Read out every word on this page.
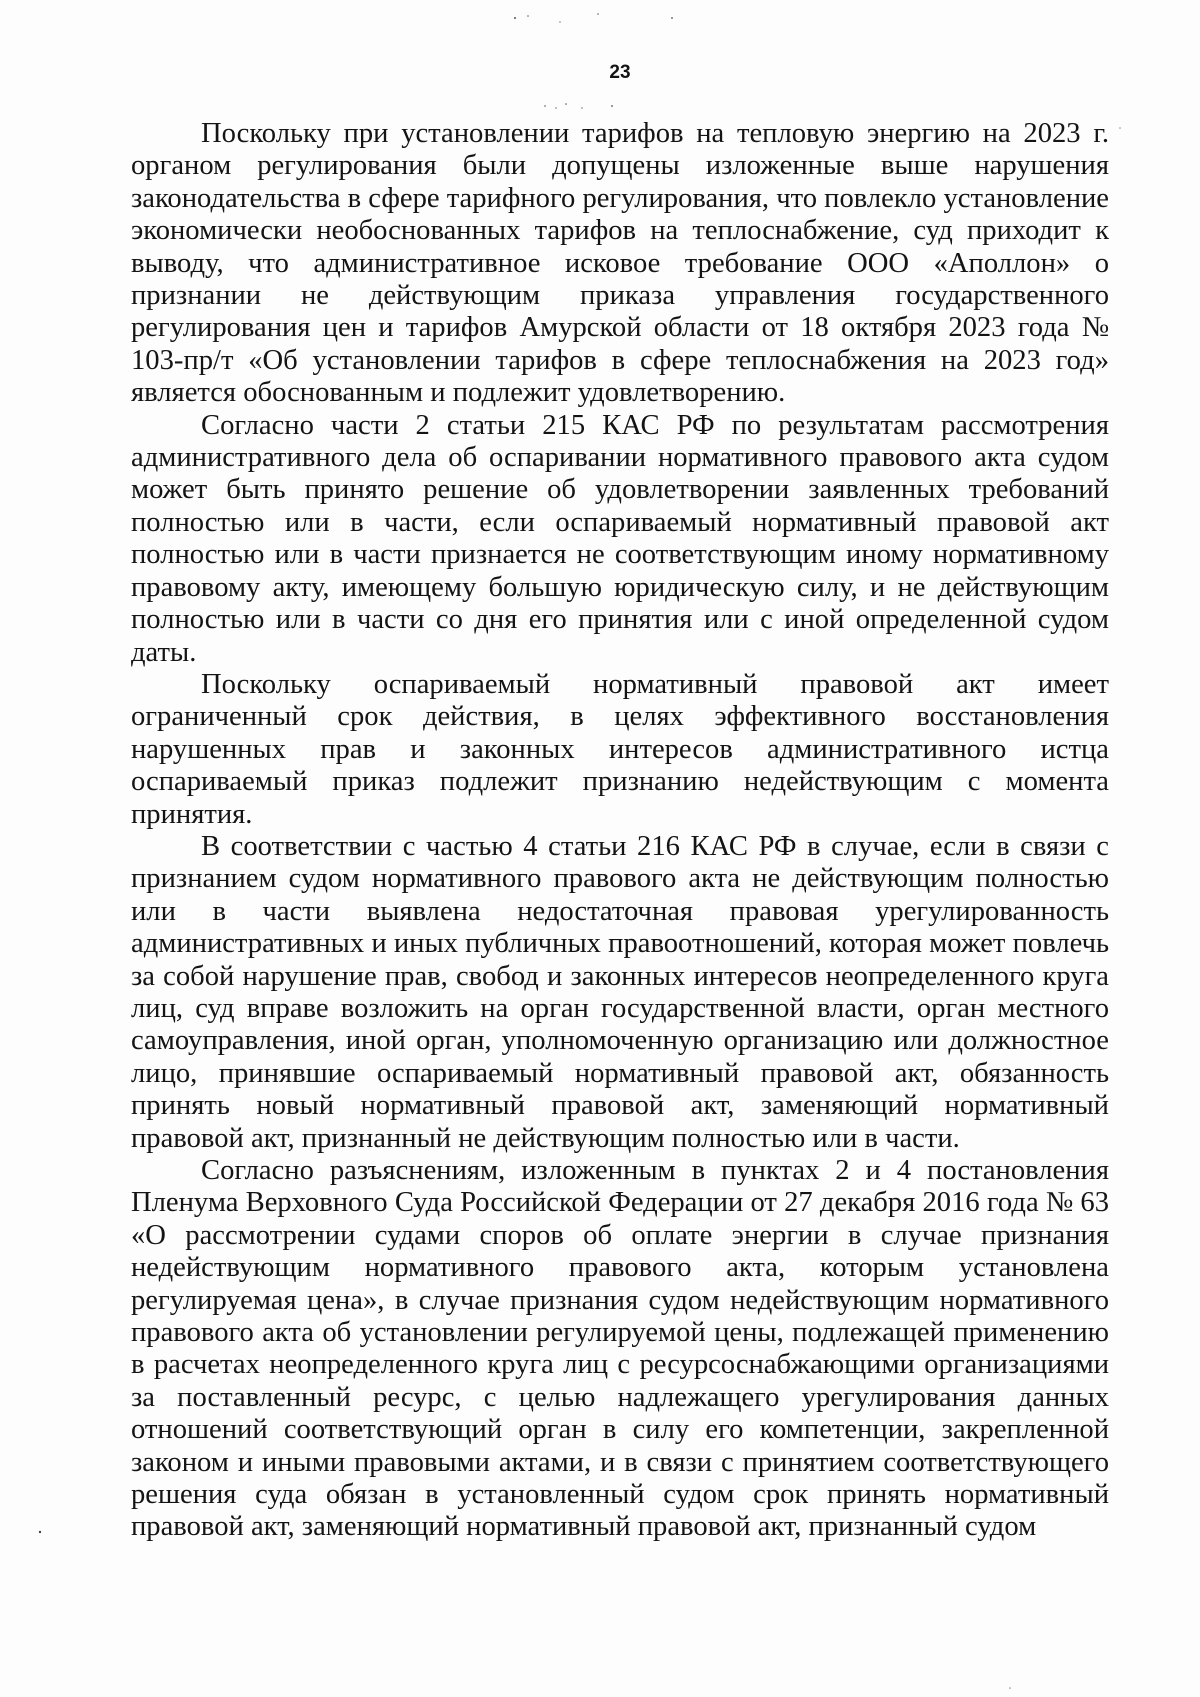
23

Поскольку при установлении тарифов на тепловую энергию на 2023 г. органом регулирования были допущены изложенные выше нарушения законодательства в сфере тарифного регулирования, что повлекло установление экономически необоснованных тарифов на теплоснабжение, суд приходит к выводу, что административное исковое требование ООО «Аполлон» о признании не действующим приказа управления государственного регулирования цен и тарифов Амурской области от 18 октября 2023 года № 103-пр/т «Об установлении тарифов в сфере теплоснабжения на 2023 год» является обоснованным и подлежит удовлетворению.

Согласно части 2 статьи 215 КАС РФ по результатам рассмотрения административного дела об оспаривании нормативного правового акта судом может быть принято решение об удовлетворении заявленных требований полностью или в части, если оспариваемый нормативный правовой акт полностью или в части признается не соответствующим иному нормативному правовому акту, имеющему большую юридическую силу, и не действующим полностью или в части со дня его принятия или с иной определенной судом даты.

Поскольку оспариваемый нормативный правовой акт имеет ограниченный срок действия, в целях эффективного восстановления нарушенных прав и законных интересов административного истца оспариваемый приказ подлежит признанию недействующим с момента принятия.

В соответствии с частью 4 статьи 216 КАС РФ в случае, если в связи с признанием судом нормативного правового акта не действующим полностью или в части выявлена недостаточная правовая урегулированность административных и иных публичных правоотношений, которая может повлечь за собой нарушение прав, свобод и законных интересов неопределенного круга лиц, суд вправе возложить на орган государственной власти, орган местного самоуправления, иной орган, уполномоченную организацию или должностное лицо, принявшие оспариваемый нормативный правовой акт, обязанность принять новый нормативный правовой акт, заменяющий нормативный правовой акт, признанный не действующим полностью или в части.

Согласно разъяснениям, изложенным в пунктах 2 и 4 постановления Пленума Верховного Суда Российской Федерации от 27 декабря 2016 года № 63 «О рассмотрении судами споров об оплате энергии в случае признания недействующим нормативного правового акта, которым установлена регулируемая цена», в случае признания судом недействующим нормативного правового акта об установлении регулируемой цены, подлежащей применению в расчетах неопределенного круга лиц с ресурсоснабжающими организациями за поставленный ресурс, с целью надлежащего урегулирования данных отношений соответствующий орган в силу его компетенции, закрепленной законом и иными правовыми актами, и в связи с принятием соответствующего решения суда обязан в установленный судом срок принять нормативный правовой акт, заменяющий нормативный правовой акт, признанный судом
